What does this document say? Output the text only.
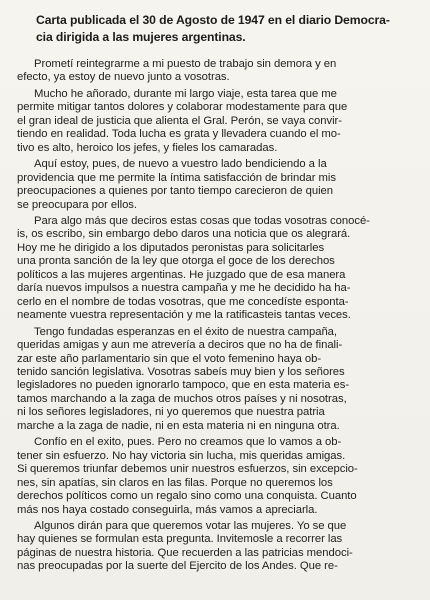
Carta publicada el 30 de Agosto de 1947 en el diario Democra-
cia dirigida a las mujeres argentinas.
Prometí reintegrarme a mi puesto de trabajo sin demora y en
efecto, ya estoy de nuevo junto a vosotras.
Mucho he añorado, durante mi largo viaje, esta tarea que me
permite mitigar tantos dolores y colaborar modestamente para que
el gran ideal de justicia que alienta el Gral. Perón, se vaya convir-
tiendo en realidad. Toda lucha es grata y llevadera cuando el mo-
tivo es alto, heroico los jefes, y fieles los camaradas.
Aquí estoy, pues, de nuevo a vuestro lado bendiciendo a la
providencia que me permite la íntima satisfacción de brindar mis
preocupaciones a quienes por tanto tiempo carecieron de quien
se preocupara por ellos.
Para algo más que deciros estas cosas que todas vosotras conocé-
is, os escribo, sin embargo debo daros una noticia que os alegrará.
Hoy me he dirigido a los diputados peronistas para solicitarles
una pronta sanción de la ley que otorga el goce de los derechos
políticos a las mujeres argentinas. He juzgado que de esa manera
daría nuevos impulsos a nuestra campaña y me he decidido ha ha-
cerlo en el nombre de todas vosotras, que me concedíste esponta-
neamente vuestra representación y me la ratificasteis tantas veces.
Tengo fundadas esperanzas en el éxito de nuestra campaña,
queridas amigas y aun me atrevería a deciros que no ha de finali-
zar este año parlamentario sin que el voto femenino haya ob-
tenido sanción legislativa. Vosotras sabeís muy bien y los señores
legisladores no pueden ignorarlo tampoco, que en esta materia es-
tamos marchando a la zaga de muchos otros países y ni nosotras,
ni los señores legisladores, ni yo queremos que nuestra patria
marche a la zaga de nadie, ni en esta materia ni en ninguna otra.
Confío en el exito, pues. Pero no creamos que lo vamos a ob-
tener sin esfuerzo. No hay victoria sin lucha, mis queridas amigas.
Si queremos triunfar debemos unir nuestros esfuerzos, sin excepcio-
nes, sin apatías, sin claros en las filas. Porque no queremos los
derechos políticos como un regalo sino como una conquista. Cuanto
más nos haya costado conseguirla, más vamos a apreciarla.
Algunos dirán para que queremos votar las mujeres. Yo se que
hay quienes se formulan esta pregunta. Invitemosle a recorrer las
páginas de nuestra historia. Que recuerden a las patricias mendoci-
nas preocupadas por la suerte del Ejercito de los Andes. Que re-
